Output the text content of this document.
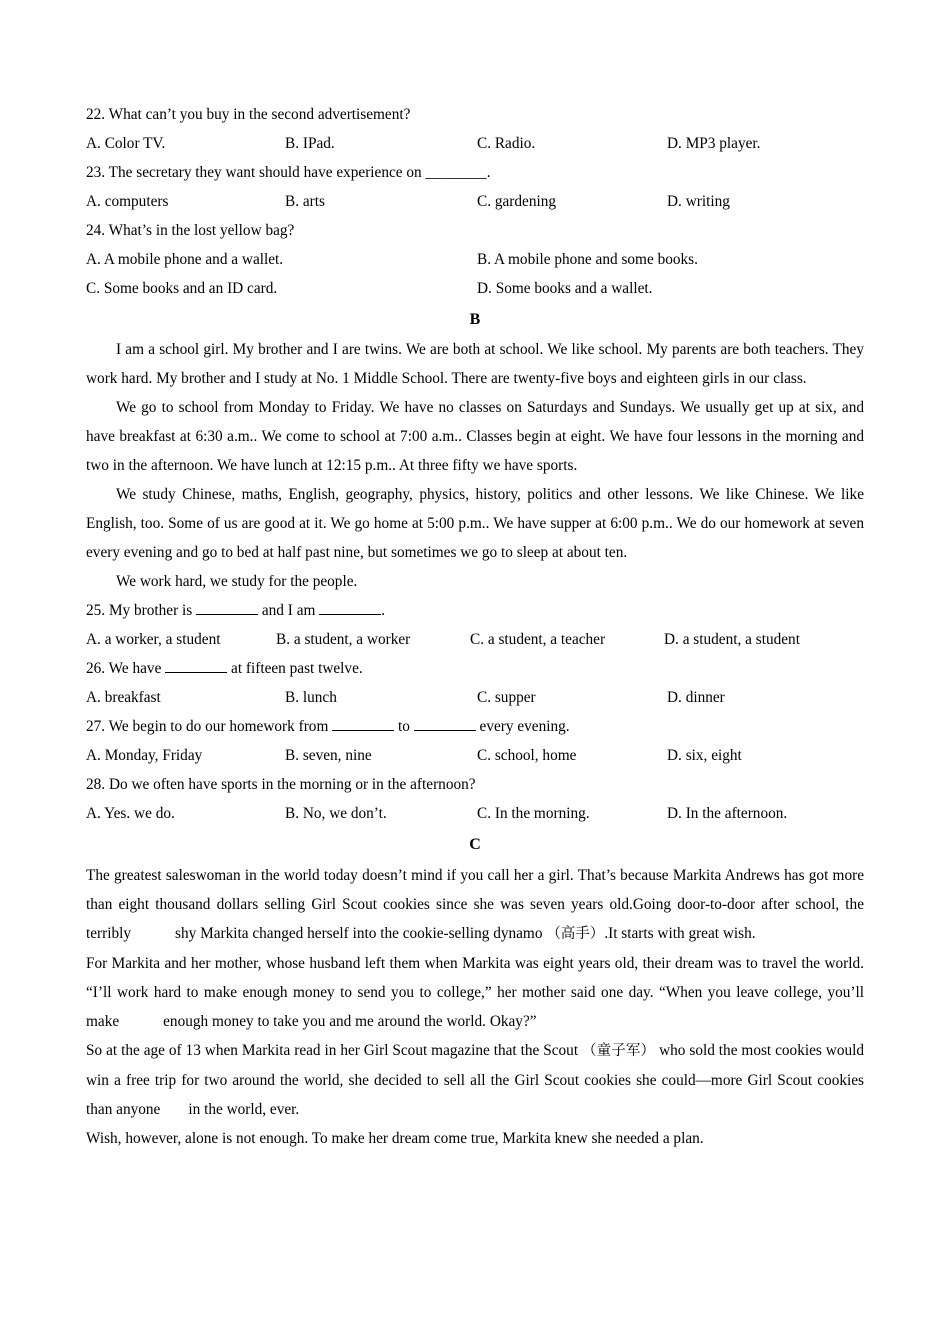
22. What can’t you buy in the second advertisement?
A. Color TV.	B. IPad.	C. Radio.	D. MP3 player.
23. The secretary they want should have experience on ________.
A. computers	B. arts	C. gardening	D. writing
24. What’s in the lost yellow bag?
A. A mobile phone and a wallet.	B. A mobile phone and some books.
C. Some books and an ID card.	D. Some books and a wallet.
B
I am a school girl. My brother and I are twins. We are both at school. We like school. My parents are both teachers. They work hard. My brother and I study at No. 1 Middle School. There are twenty-five boys and eighteen girls in our class.
We go to school from Monday to Friday. We have no classes on Saturdays and Sundays. We usually get up at six, and have breakfast at 6:30 a.m.. We come to school at 7:00 a.m.. Classes begin at eight. We have four lessons in the morning and two in the afternoon. We have lunch at 12:15 p.m.. At three fifty we have sports.
We study Chinese, maths, English, geography, physics, history, politics and other lessons. We like Chinese. We like English, too. Some of us are good at it. We go home at 5:00 p.m.. We have supper at 6:00 p.m.. We do our homework at seven every evening and go to bed at half past nine, but sometimes we go to sleep at about ten.
We work hard, we study for the people.
25. My brother is	and I am	.
A. a worker, a student	B. a student, a worker	C. a student, a teacher	D. a student, a student
26. We have	at fifteen past twelve.
A. breakfast	B. lunch	C. supper	D. dinner
27. We begin to do our homework from	to	every evening.
A. Monday, Friday	B. seven, nine	C. school, home	D. six, eight
28. Do we often have sports in the morning or in the afternoon?
A. Yes. we do.	B. No, we don’t.	C. In the morning.	D. In the afternoon.
C
The greatest saleswoman in the world today doesn’t mind if you call her a girl. That’s because Markita Andrews has got more than eight thousand dollars selling Girl Scout cookies since she was seven years old.Going door-to-door after school, the terribly	shy Markita changed herself into the cookie-selling dynamo （高手）.It starts with great wish.
For Markita and her mother, whose husband left them when Markita was eight years old, their dream was to travel the world. “I’ll work hard to make enough money to send you to college,” her mother said one day. “When you leave college, you’ll make	enough money to take you and me around the world. Okay?”
So at the age of 13 when Markita read in her Girl Scout magazine that the Scout （童子军） who sold the most cookies would win a free trip for two around the world, she decided to sell all the Girl Scout cookies she could—more Girl Scout cookies than anyone in the world, ever.
Wish, however, alone is not enough. To make her dream come true, Markita knew she needed a plan.
